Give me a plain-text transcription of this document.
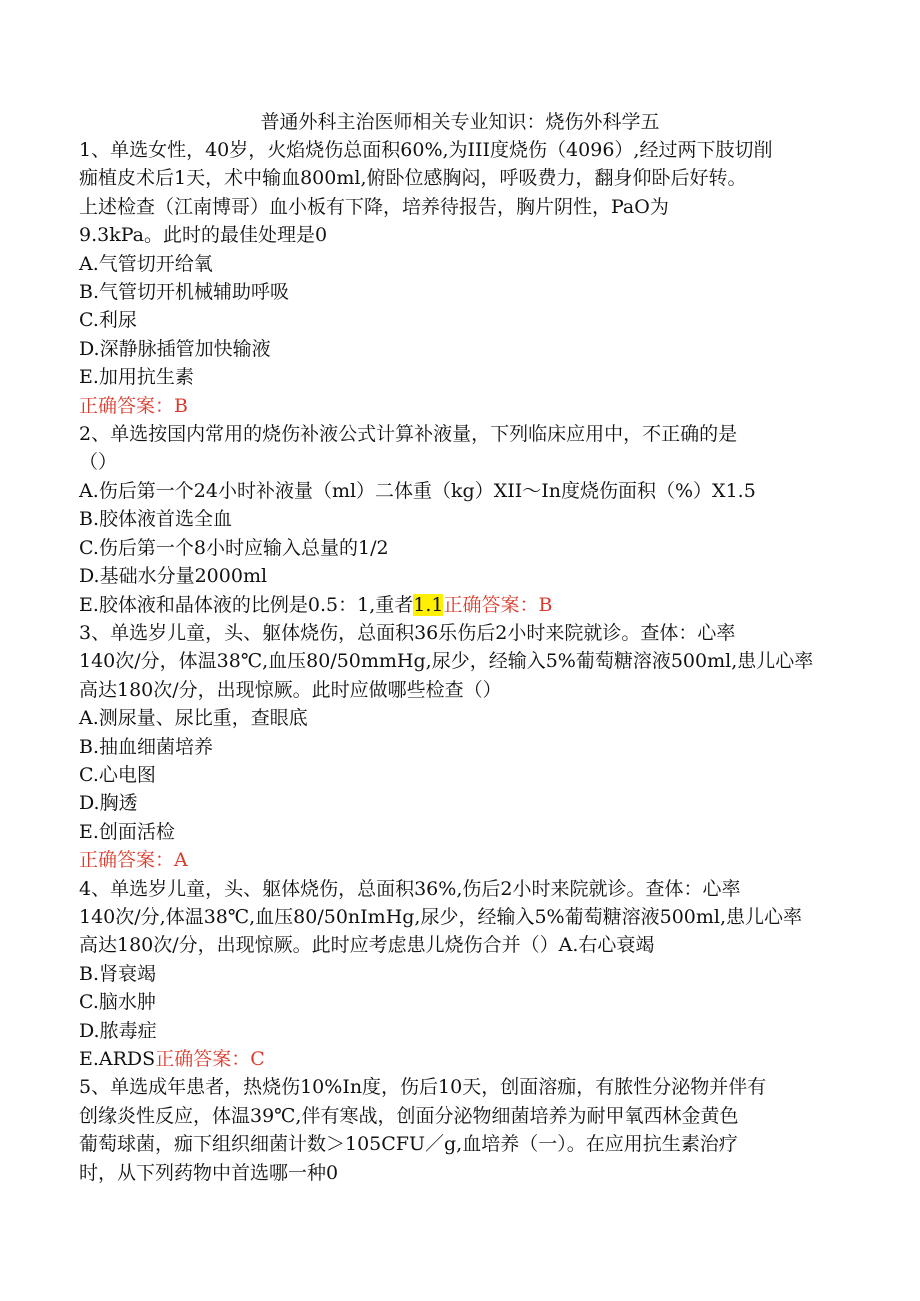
普通外科主治医师相关专业知识：烧伤外科学五
1、单选女性，40岁，火焰烧伤总面积60%,为III度烧伤（4096）,经过两下肢切削
痂植皮术后1天，术中输血800ml,俯卧位感胸闷，呼吸费力，翻身仰卧后好转。
上述检查（江南博哥）血小板有下降，培养待报告，胸片阴性，PaO为
9.3kPa。此时的最佳处理是0
A.气管切开给氧
B.气管切开机械辅助呼吸
C.利尿
D.深静脉插管加快输液
E.加用抗生素
正确答案：B
2、单选按国内常用的烧伤补液公式计算补液量，下列临床应用中，不正确的是
（）
A.伤后第一个24小时补液量（ml）二体重（kg）XII～In度烧伤面积（%）X1.5
B.胶体液首选全血
C.伤后第一个8小时应输入总量的1/2
D.基础水分量2000ml
E.胶体液和晶体液的比例是0.5：1,重者1.1正确答案：B
3、单选岁儿童，头、躯体烧伤，总面积36乐伤后2小时来院就诊。查体：心率
140次/分，体温38℃,血压80/50mmHg,尿少，经输入5%葡萄糖溶液500ml,患儿心率
高达180次/分，出现惊厥。此时应做哪些检查（）
A.测尿量、尿比重，查眼底
B.抽血细菌培养
C.心电图
D.胸透
E.创面活检
正确答案：A
4、单选岁儿童，头、躯体烧伤，总面积36%,伤后2小时来院就诊。查体：心率
140次/分,体温38℃,血压80/50nImHg,尿少，经输入5%葡萄糖溶液500ml,患儿心率
高达180次/分，出现惊厥。此时应考虑患儿烧伤合并（）A.右心衰竭
B.肾衰竭
C.脑水肿
D.脓毒症
E.ARDS正确答案：C
5、单选成年患者，热烧伤10%In度，伤后10天，创面溶痂，有脓性分泌物并伴有
创缘炎性反应，体温39℃,伴有寒战，创面分泌物细菌培养为耐甲氧西林金黄色
葡萄球菌，痂下组织细菌计数＞105CFU／g,血培养（一）。在应用抗生素治疗
时，从下列药物中首选哪一种0
